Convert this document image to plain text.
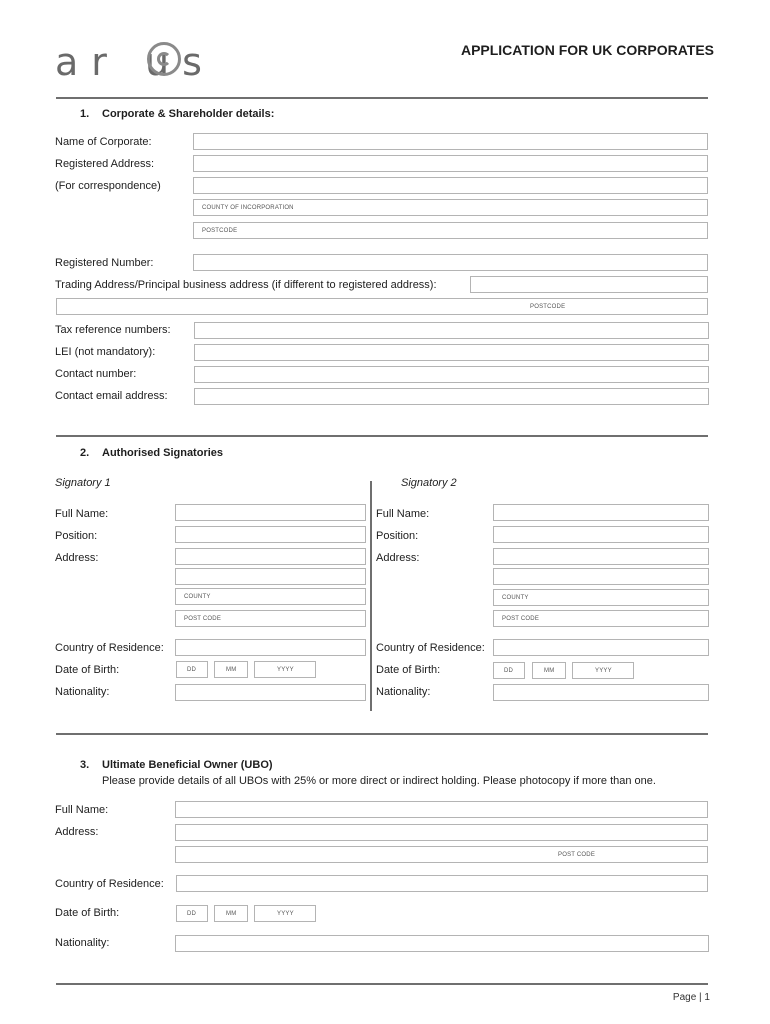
ar us	APPLICATION FOR UK CORPORATES
1. Corporate & Shareholder details:
Name of Corporate:
Registered Address:
(For correspondence)
COUNTY OF INCORPORATION
POSTCODE
Registered Number:
Trading Address/Principal business address (if different to registered address):
POSTCODE
Tax reference numbers:
LEI (not mandatory):
Contact number:
Contact email address:
2. Authorised Signatories
Signatory 1	Signatory 2
Full Name:
Position:
Address:
COUNTY
POST CODE
Country of Residence:
Date of Birth:	DD	MM	YYYY
Nationality:
Full Name:
Position:
Address:
COUNTY
POST CODE
Country of Residence:
Date of Birth:	DD	MM	YYYY
Nationality:
3. Ultimate Beneficial Owner (UBO)
Please provide details of all UBOs with 25% or more direct or indirect holding. Please photocopy if more than one.
Full Name:
Address:
POST CODE
Country of Residence:
Date of Birth:	DD	MM	YYYY
Nationality:
Page | 1
